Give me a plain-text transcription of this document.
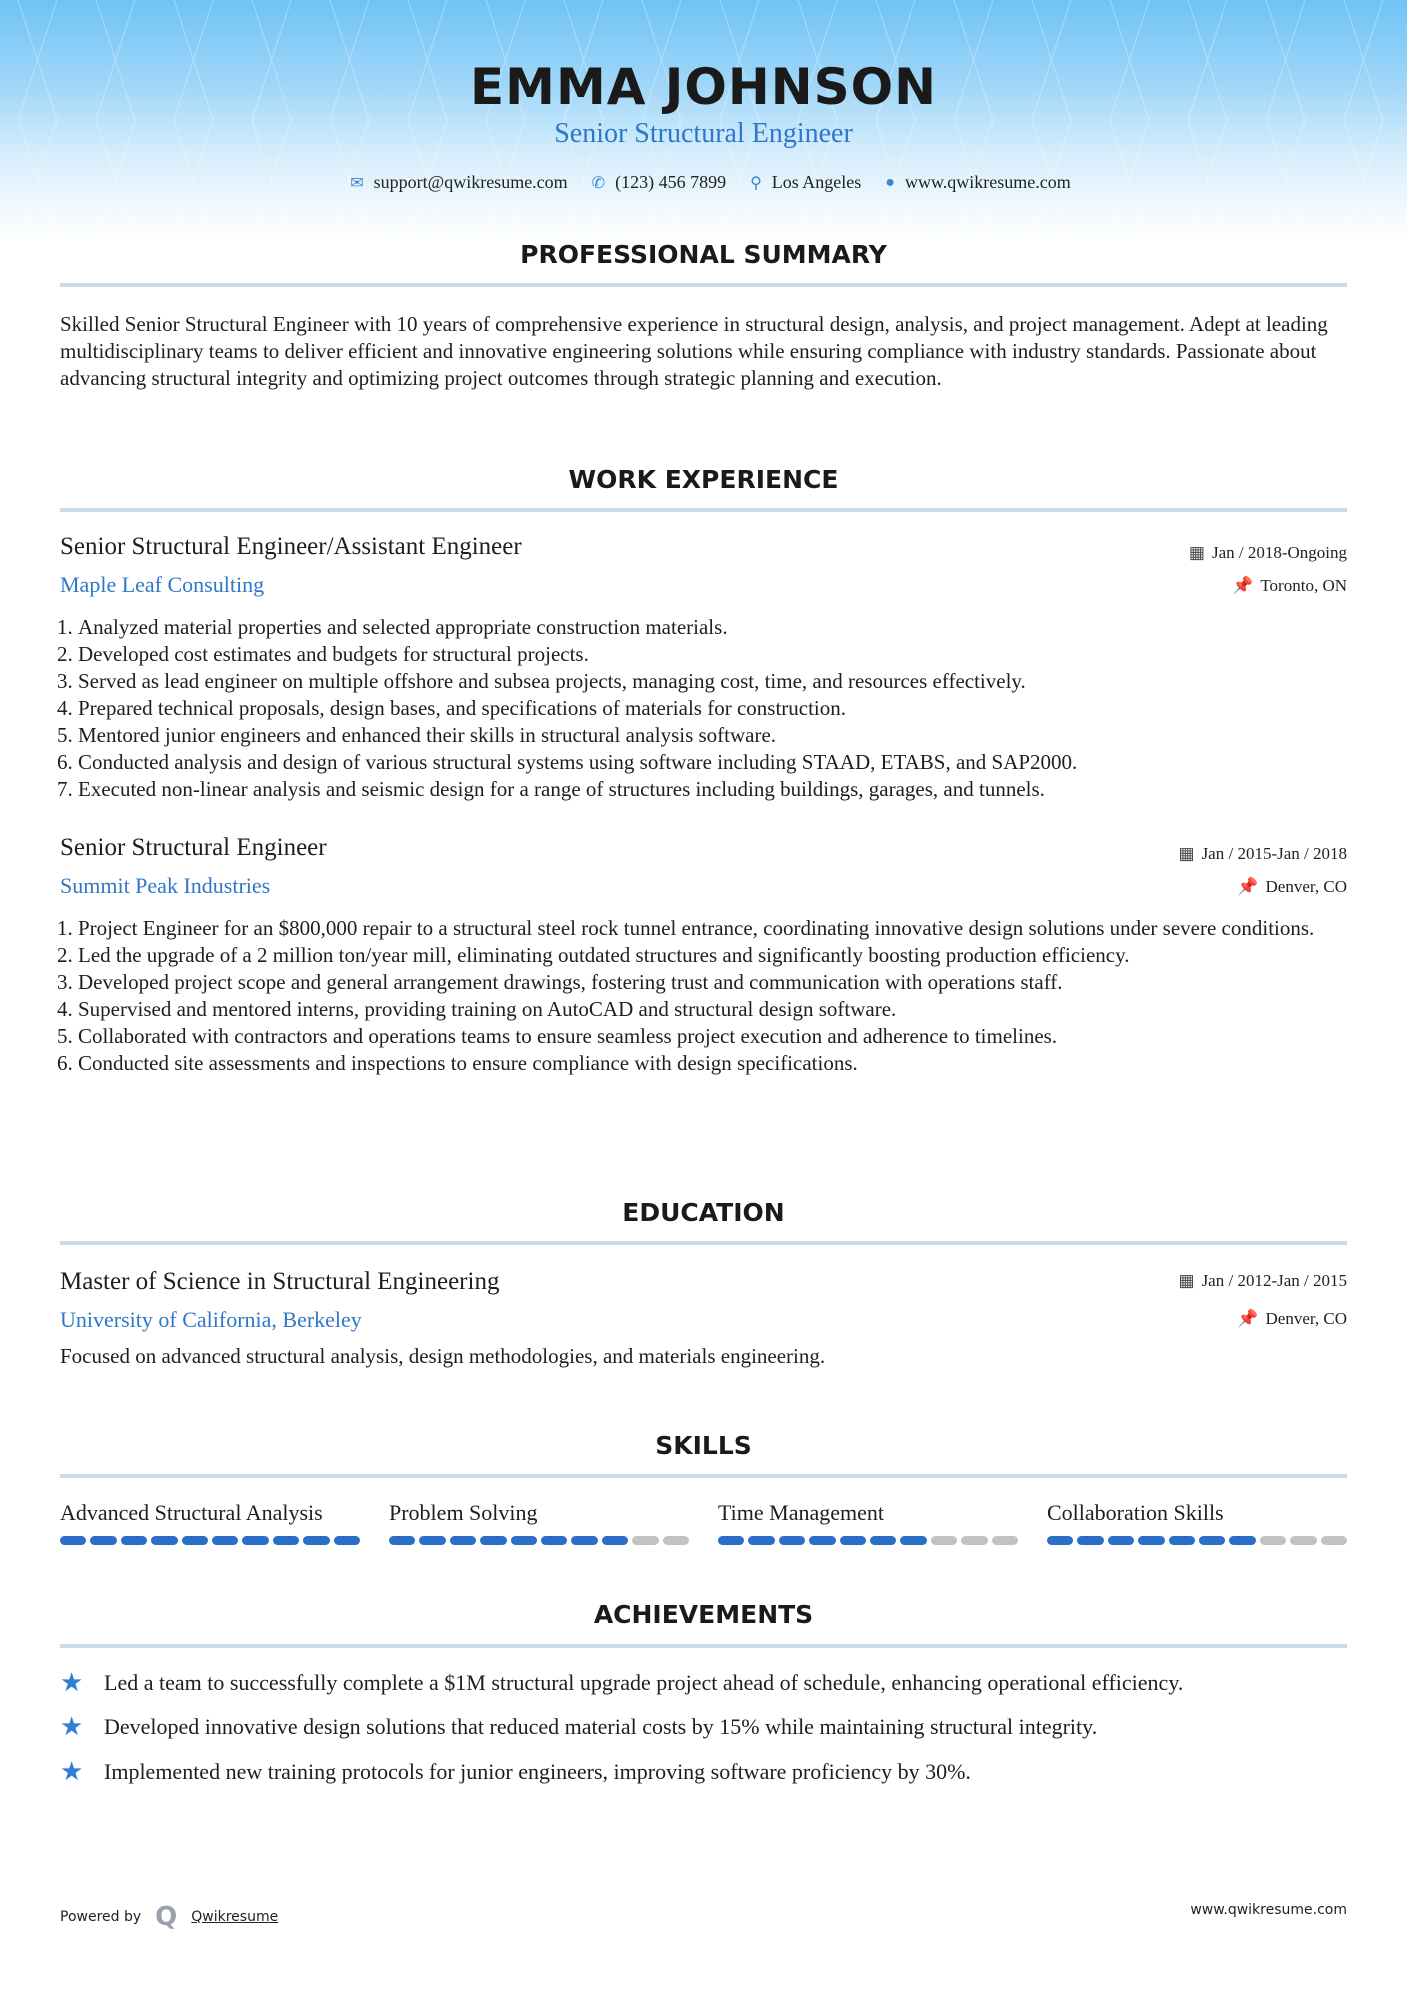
EMMA JOHNSON
Senior Structural Engineer
✉ support@qwikresume.com ✆ (123) 456 7899 ⚲ Los Angeles ● www.qwikresume.com
PROFESSIONAL SUMMARY
Skilled Senior Structural Engineer with 10 years of comprehensive experience in structural design, analysis, and project management. Adept at leading multidisciplinary teams to deliver efficient and innovative engineering solutions while ensuring compliance with industry standards. Passionate about advancing structural integrity and optimizing project outcomes through strategic planning and execution.
WORK EXPERIENCE
Senior Structural Engineer/Assistant Engineer
Maple Leaf Consulting
▦ Jan / 2018-Ongoing
📌 Toronto, ON
1. Analyzed material properties and selected appropriate construction materials.
2. Developed cost estimates and budgets for structural projects.
3. Served as lead engineer on multiple offshore and subsea projects, managing cost, time, and resources effectively.
4. Prepared technical proposals, design bases, and specifications of materials for construction.
5. Mentored junior engineers and enhanced their skills in structural analysis software.
6. Conducted analysis and design of various structural systems using software including STAAD, ETABS, and SAP2000.
7. Executed non-linear analysis and seismic design for a range of structures including buildings, garages, and tunnels.
Senior Structural Engineer
Summit Peak Industries
▦ Jan / 2015-Jan / 2018
📌 Denver, CO
1. Project Engineer for an $800,000 repair to a structural steel rock tunnel entrance, coordinating innovative design solutions under severe conditions.
2. Led the upgrade of a 2 million ton/year mill, eliminating outdated structures and significantly boosting production efficiency.
3. Developed project scope and general arrangement drawings, fostering trust and communication with operations staff.
4. Supervised and mentored interns, providing training on AutoCAD and structural design software.
5. Collaborated with contractors and operations teams to ensure seamless project execution and adherence to timelines.
6. Conducted site assessments and inspections to ensure compliance with design specifications.
EDUCATION
Master of Science in Structural Engineering
University of California, Berkeley
▦ Jan / 2012-Jan / 2015
📌 Denver, CO
Focused on advanced structural analysis, design methodologies, and materials engineering.
SKILLS
Advanced Structural Analysis	Problem Solving	Time Management	Collaboration Skills
ACHIEVEMENTS
★ Led a team to successfully complete a $1M structural upgrade project ahead of schedule, enhancing operational efficiency.
★ Developed innovative design solutions that reduced material costs by 15% while maintaining structural integrity.
★ Implemented new training protocols for junior engineers, improving software proficiency by 30%.
Powered by Q Qwikresume	www.qwikresume.com
